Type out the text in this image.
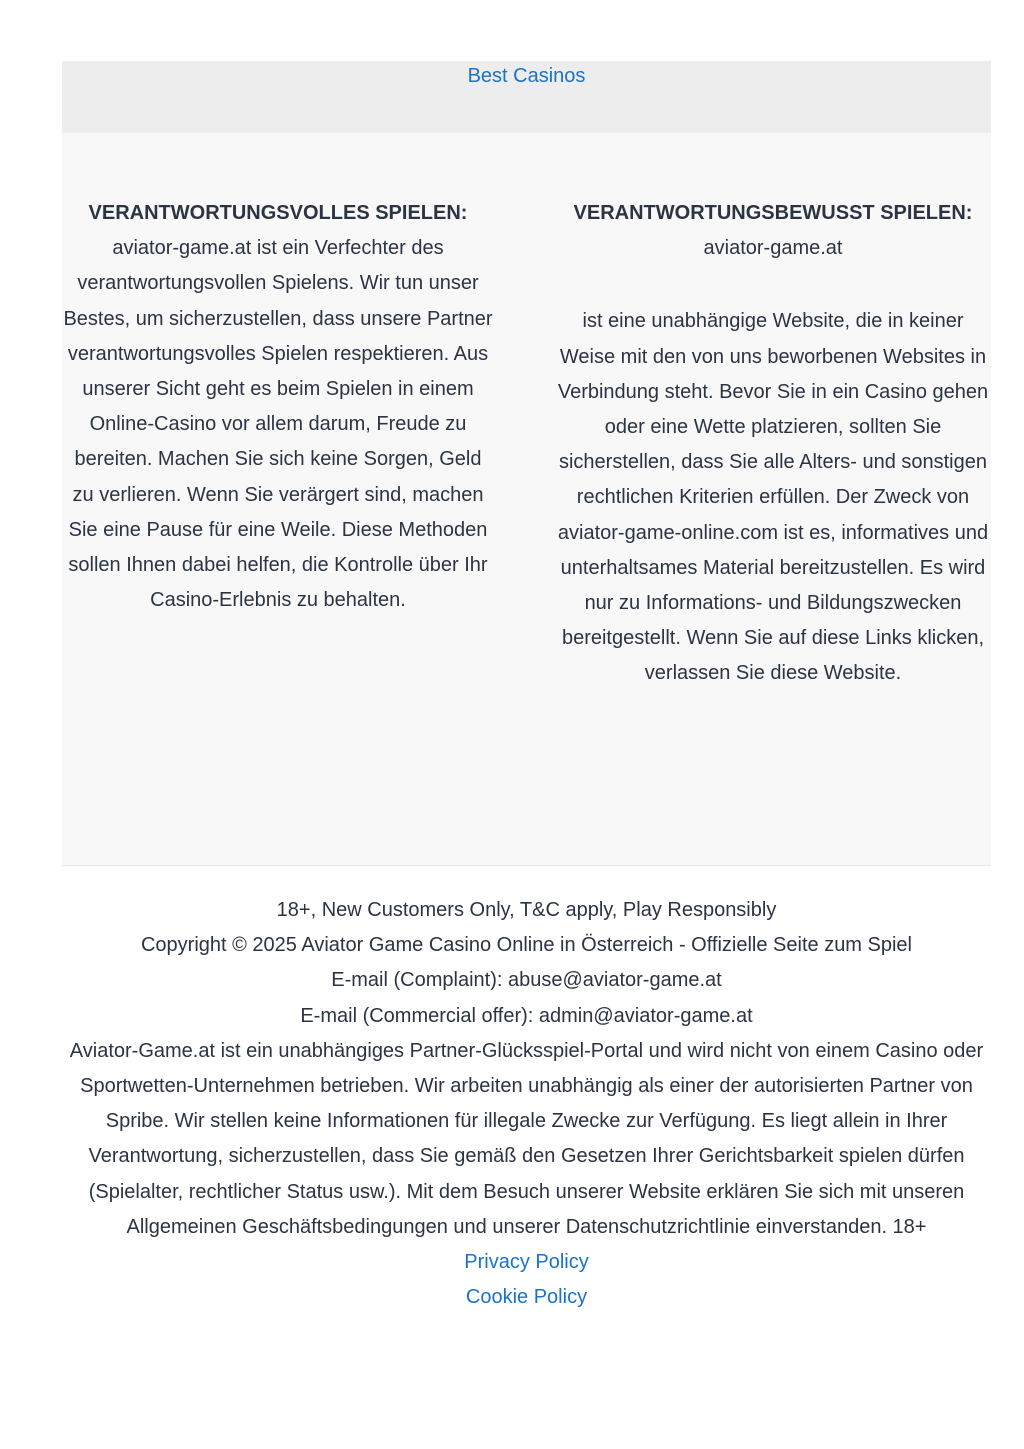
Best Casinos
VERANTWORTUNGSVOLLES SPIELEN:

aviator-game.at ist ein Verfechter des verantwortungsvollen Spielens. Wir tun unser Bestes, um sicherzustellen, dass unsere Partner verantwortungsvolles Spielen respektieren. Aus unserer Sicht geht es beim Spielen in einem Online-Casino vor allem darum, Freude zu bereiten. Machen Sie sich keine Sorgen, Geld zu verlieren. Wenn Sie verärgert sind, machen Sie eine Pause für eine Weile. Diese Methoden sollen Ihnen dabei helfen, die Kontrolle über Ihr Casino-Erlebnis zu behalten.

VERANTWORTUNGSBEWUSST SPIELEN:

aviator-game.at

ist eine unabhängige Website, die in keiner Weise mit den von uns beworbenen Websites in Verbindung steht. Bevor Sie in ein Casino gehen oder eine Wette platzieren, sollten Sie sicherstellen, dass Sie alle Alters- und sonstigen rechtlichen Kriterien erfüllen. Der Zweck von aviator-game-online.com ist es, informatives und unterhaltsames Material bereitzustellen. Es wird nur zu Informations- und Bildungszwecken bereitgestellt. Wenn Sie auf diese Links klicken, verlassen Sie diese Website.

18+, New Customers Only, T&C apply, Play Responsibly

Copyright © 2025 Aviator Game Casino Online in Österreich - Offizielle Seite zum Spiel

E-mail (Complaint): abuse@aviator-game.at

E-mail (Commercial offer): admin@aviator-game.at

Aviator-Game.at ist ein unabhängiges Partner-Glücksspiel-Portal und wird nicht von einem Casino oder Sportwetten-Unternehmen betrieben. Wir arbeiten unabhängig als einer der autorisierten Partner von Spribe. Wir stellen keine Informationen für illegale Zwecke zur Verfügung. Es liegt allein in Ihrer Verantwortung, sicherzustellen, dass Sie gemäß den Gesetzen Ihrer Gerichtsbarkeit spielen dürfen (Spielalter, rechtlicher Status usw.). Mit dem Besuch unserer Website erklären Sie sich mit unseren Allgemeinen Geschäftsbedingungen und unserer Datenschutzrichtlinie einverstanden. 18+

Privacy Policy
Cookie Policy
